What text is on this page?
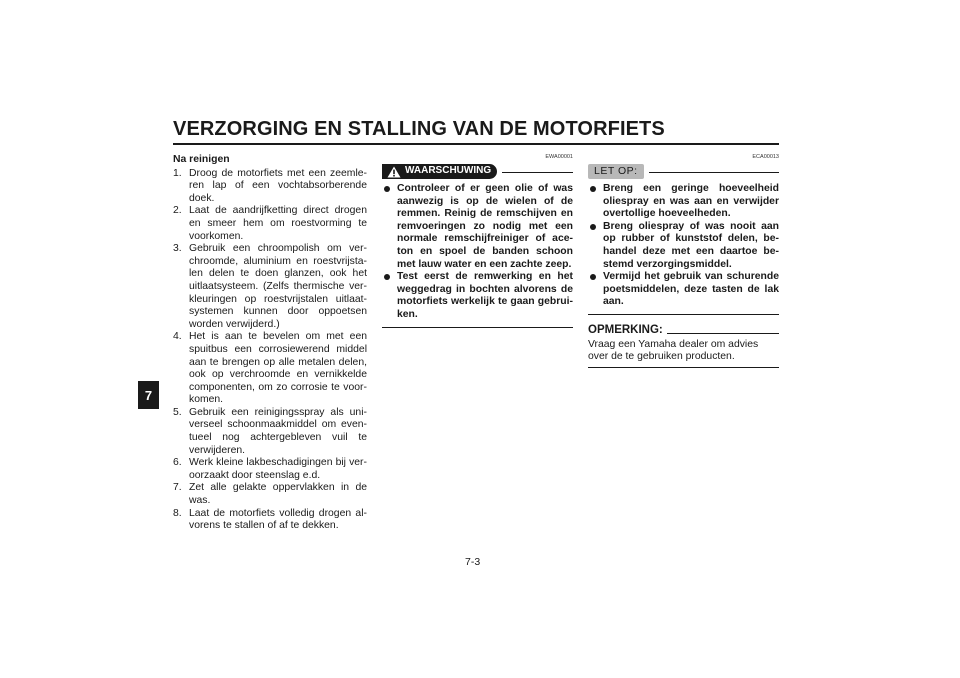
VERZORGING EN STALLING VAN DE MOTORFIETS
7
Na reinigen
1. Droog de motorfiets met een zeemleren lap of een vochtabsorberende doek.
2. Laat de aandrijfketting direct drogen en smeer hem om roestvorming te voorkomen.
3. Gebruik een chroompolish om verchroomde, aluminium en roestvrijstalen delen te doen glanzen, ook het uitlaatsysteem. (Zelfs thermische verkleuringen op roestvrijstalen uitlaatsystemen kunnen door oppoetsen worden verwijderd.)
4. Het is aan te bevelen om met een spuitbus een corrosiewerend middel aan te brengen op alle metalen delen, ook op verchroomde en vernikkelde componenten, om zo corrosie te voorkomen.
5. Gebruik een reinigingsspray als universeel schoonmaakmiddel om eventueel nog achtergebleven vuil te verwijderen.
6. Werk kleine lakbeschadigingen bij veroorzaakt door steenslag e.d.
7. Zet alle gelakte oppervlakken in de was.
8. Laat de motorfiets volledig drogen alvorens te stallen of af te dekken.
EWA00001
WAARSCHUWING
Controleer of er geen olie of was aanwezig is op de wielen of de remmen. Reinig de remschijven en remvoeringen zo nodig met een normale remschijfreiniger of aceton en spoel de banden schoon met lauw water en een zachte zeep.
Test eerst de remwerking en het weggedrag in bochten alvorens de motorfiets werkelijk te gaan gebruiken.
ECA00013
LET OP:
Breng een geringe hoeveelheid oliespray en was aan en verwijder overtollige hoeveelheden.
Breng oliespray of was nooit aan op rubber of kunststof delen, behandel deze met een daartoe bestemd verzorgingsmiddel.
Vermijd het gebruik van schurende poetsmiddelen, deze tasten de lak aan.
OPMERKING:
Vraag een Yamaha dealer om advies over de te gebruiken producten.
7-3
